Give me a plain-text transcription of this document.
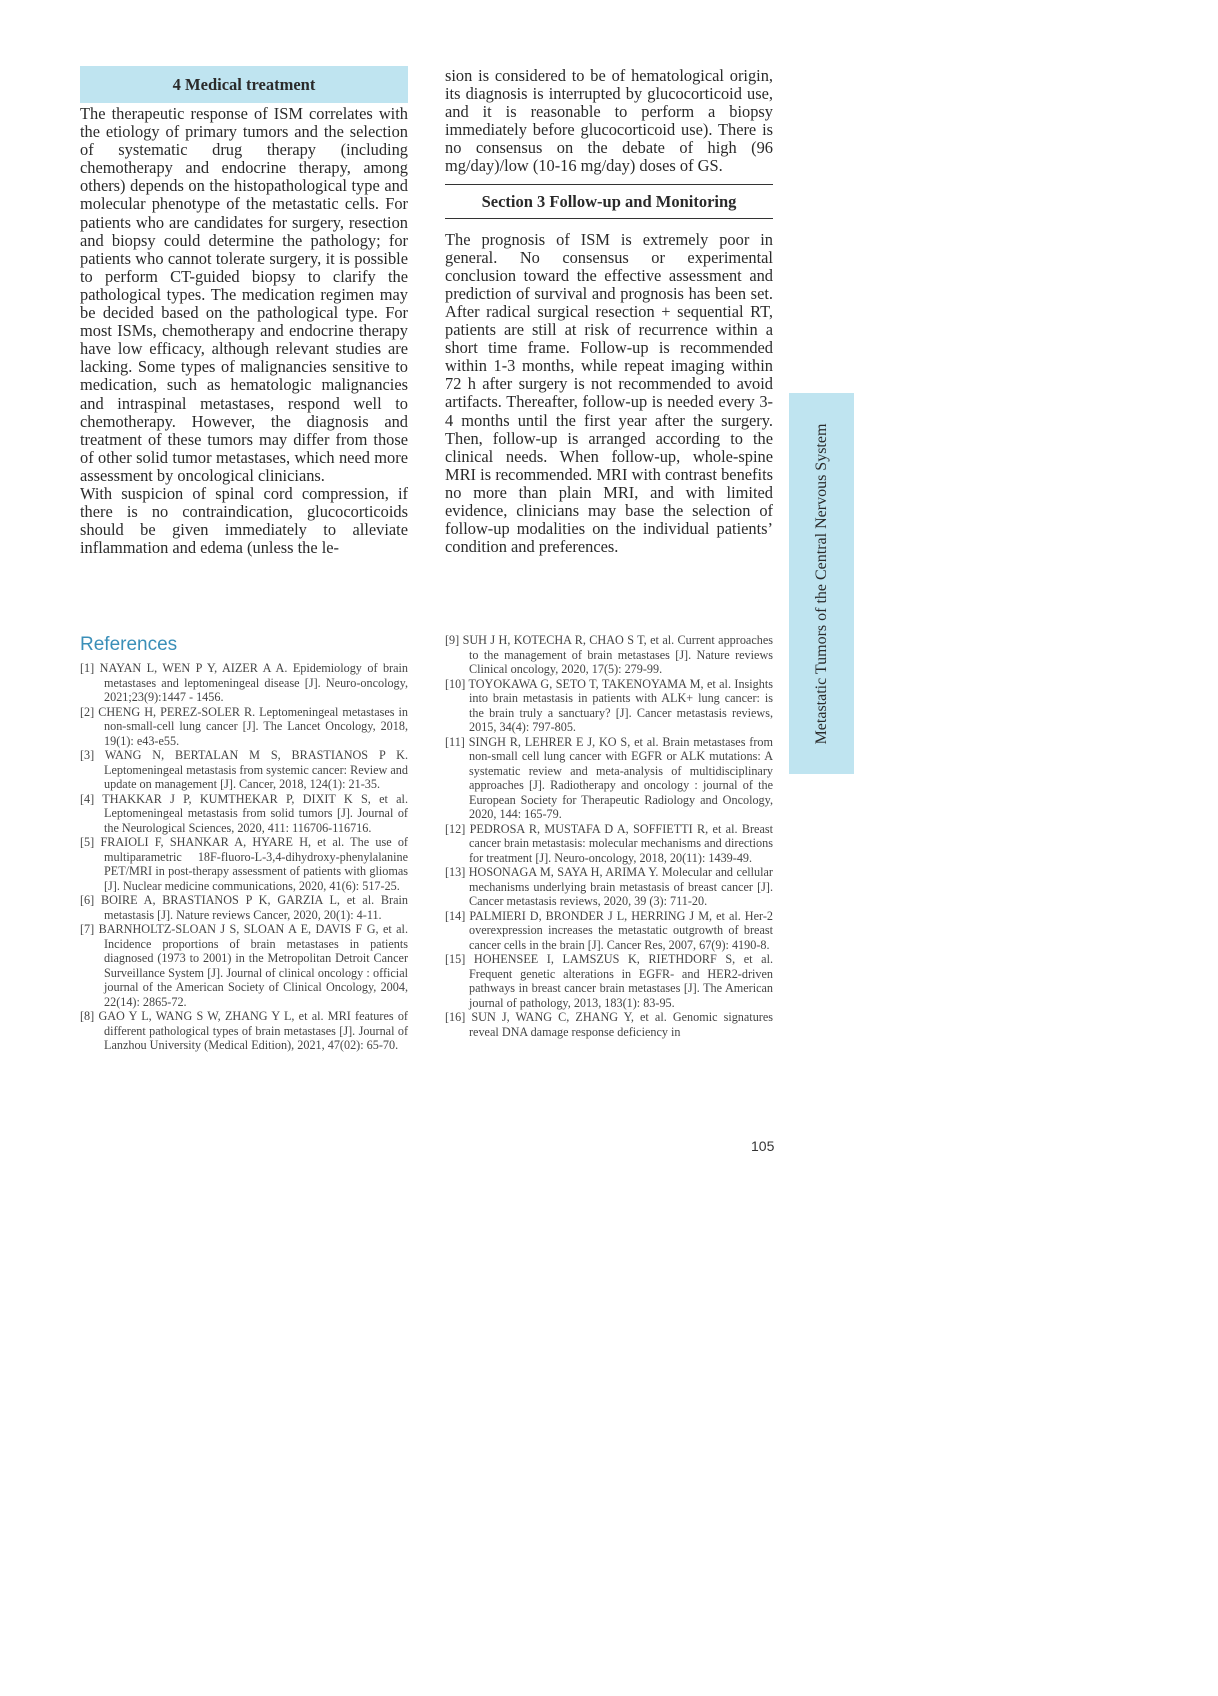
4 Medical treatment

The therapeutic response of ISM correlates with the etiology of primary tumors and the selection of systematic drug therapy (including chemotherapy and endocrine therapy, among others) depends on the histopathological type and molecular phenotype of the metastatic cells. For patients who are candidates for surgery, resection and biopsy could determine the pathology; for patients who cannot tolerate surgery, it is possible to perform CT-guided biopsy to clarify the pathological types. The medication regimen may be decided based on the pathological type. For most ISMs, chemotherapy and endocrine therapy have low efficacy, although relevant studies are lacking. Some types of malignancies sensitive to medication, such as hematologic malignancies and intraspinal metastases, respond well to chemotherapy. However, the diagnosis and treatment of these tumors may differ from those of other solid tumor metastases, which need more assessment by oncological clinicians.

With suspicion of spinal cord compression, if there is no contraindication, glucocorticoids should be given immediately to alleviate inflammation and edema (unless the le-

sion is considered to be of hematological origin, its diagnosis is interrupted by glucocorticoid use, and it is reasonable to perform a biopsy immediately before glucocorticoid use). There is no consensus on the debate of high (96 mg/day)/low (10-16 mg/day) doses of GS.

Section 3 Follow-up and Monitoring

The prognosis of ISM is extremely poor in general. No consensus or experimental conclusion toward the effective assessment and prediction of survival and prognosis has been set. After radical surgical resection + sequential RT, patients are still at risk of recurrence within a short time frame. Follow-up is recommended within 1-3 months, while repeat imaging within 72 h after surgery is not recommended to avoid artifacts. Thereafter, follow-up is needed every 3-4 months until the first year after the surgery. Then, follow-up is arranged according to the clinical needs. When follow-up, whole-spine MRI is recommended. MRI with contrast benefits no more than plain MRI, and with limited evidence, clinicians may base the selection of follow-up modalities on the individual patients’ condition and preferences.

References
[1] NAYAN L, WEN P Y, AIZER A A. Epidemiology of brain metastases and leptomeningeal disease [J]. Neuro-oncology, 2021;23(9):1447 - 1456.
[2] CHENG H, PEREZ-SOLER R. Leptomeningeal metastases in non-small-cell lung cancer [J]. The Lancet Oncology, 2018, 19(1): e43-e55.
[3] WANG N, BERTALAN M S, BRASTIANOS P K. Leptomeningeal metastasis from systemic cancer: Review and update on management [J]. Cancer, 2018, 124(1): 21-35.
[4] THAKKAR J P, KUMTHEKAR P, DIXIT K S, et al. Leptomeningeal metastasis from solid tumors [J]. Journal of the Neurological Sciences, 2020, 411: 116706-116716.
[5] FRAIOLI F, SHANKAR A, HYARE H, et al. The use of multiparametric 18F-fluoro-L-3,4-dihydroxy-phenylalanine PET/MRI in post-therapy assessment of patients with gliomas [J]. Nuclear medicine communications, 2020, 41(6): 517-25.
[6] BOIRE A, BRASTIANOS P K, GARZIA L, et al. Brain metastasis [J]. Nature reviews Cancer, 2020, 20(1): 4-11.
[7] BARNHOLTZ-SLOAN J S, SLOAN A E, DAVIS F G, et al. Incidence proportions of brain metastases in patients diagnosed (1973 to 2001) in the Metropolitan Detroit Cancer Surveillance System [J]. Journal of clinical oncology : official journal of the American Society of Clinical Oncology, 2004, 22(14): 2865-72.
[8] GAO Y L, WANG S W, ZHANG Y L, et al. MRI features of different pathological types of brain metastases [J]. Journal of Lanzhou University (Medical Edition), 2021, 47(02): 65-70.
[9] SUH J H, KOTECHA R, CHAO S T, et al. Current approaches to the management of brain metastases [J]. Nature reviews Clinical oncology, 2020, 17(5): 279-99.
[10] TOYOKAWA G, SETO T, TAKENOYAMA M, et al. Insights into brain metastasis in patients with ALK+ lung cancer: is the brain truly a sanctuary? [J]. Cancer metastasis reviews, 2015, 34(4): 797-805.
[11] SINGH R, LEHRER E J, KO S, et al. Brain metastases from non-small cell lung cancer with EGFR or ALK mutations: A systematic review and meta-analysis of multidisciplinary approaches [J]. Radiotherapy and oncology : journal of the European Society for Therapeutic Radiology and Oncology, 2020, 144: 165-79.
[12] PEDROSA R, MUSTAFA D A, SOFFIETTI R, et al. Breast cancer brain metastasis: molecular mechanisms and directions for treatment [J]. Neuro-oncology, 2018, 20(11): 1439-49.
[13] HOSONAGA M, SAYA H, ARIMA Y. Molecular and cellular mechanisms underlying brain metastasis of breast cancer [J]. Cancer metastasis reviews, 2020, 39 (3): 711-20.
[14] PALMIERI D, BRONDER J L, HERRING J M, et al. Her-2 overexpression increases the metastatic outgrowth of breast cancer cells in the brain [J]. Cancer Res, 2007, 67(9): 4190-8.
[15] HOHENSEE I, LAMSZUS K, RIETHDORF S, et al. Frequent genetic alterations in EGFR- and HER2-driven pathways in breast cancer brain metastases [J]. The American journal of pathology, 2013, 183(1): 83-95.
[16] SUN J, WANG C, ZHANG Y, et al. Genomic signatures reveal DNA damage response deficiency in
Metastatic Tumors of the Central Nervous System
105
